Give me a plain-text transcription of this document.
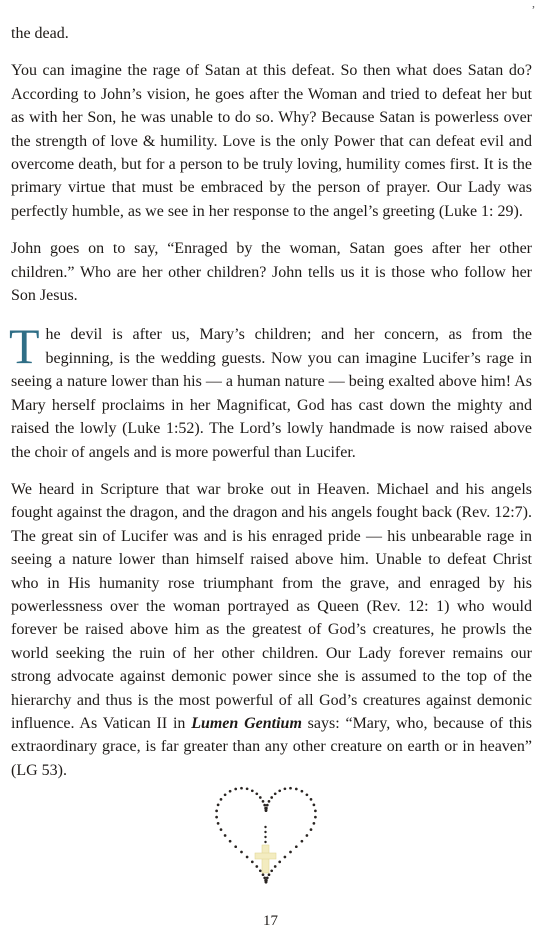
,

the dead.

You can imagine the rage of Satan at this defeat. So then what does Satan do? According to John’s vision, he goes after the Woman and tried to defeat her but as with her Son, he was unable to do so. Why? Because Satan is powerless over the strength of love & humility. Love is the only Power that can defeat evil and overcome death, but for a person to be truly loving, humility comes first. It is the primary virtue that must be embraced by the person of prayer. Our Lady was perfectly humble, as we see in her response to the angel’s greeting (Luke 1: 29).

John goes on to say, “Enraged by the woman, Satan goes after her other children.” Who are her other children? John tells us it is those who follow her Son Jesus.

The devil is after us, Mary’s children; and her concern, as from the beginning, is the wedding guests. Now you can imagine Lucifer’s rage in seeing a nature lower than his — a human nature — being exalted above him! As Mary herself proclaims in her Magnificat, God has cast down the mighty and raised the lowly (Luke 1:52). The Lord’s lowly handmade is now raised above the choir of angels and is more powerful than Lucifer.

We heard in Scripture that war broke out in Heaven. Michael and his angels fought against the dragon, and the dragon and his angels fought back (Rev. 12:7). The great sin of Lucifer was and is his enraged pride — his unbearable rage in seeing a nature lower than himself raised above him. Unable to defeat Christ who in His humanity rose triumphant from the grave, and enraged by his powerlessness over the woman portrayed as Queen (Rev. 12: 1) who would forever be raised above him as the greatest of God’s creatures, he prowls the world seeking the ruin of her other children. Our Lady forever remains our strong advocate against demonic power since she is assumed to the top of the hierarchy and thus is the most powerful of all God’s creatures against demonic influence. As Vatican II in Lumen Gentium says: “Mary, who, because of this extraordinary grace, is far greater than any other creature on earth or in heaven” (LG 53).

17
